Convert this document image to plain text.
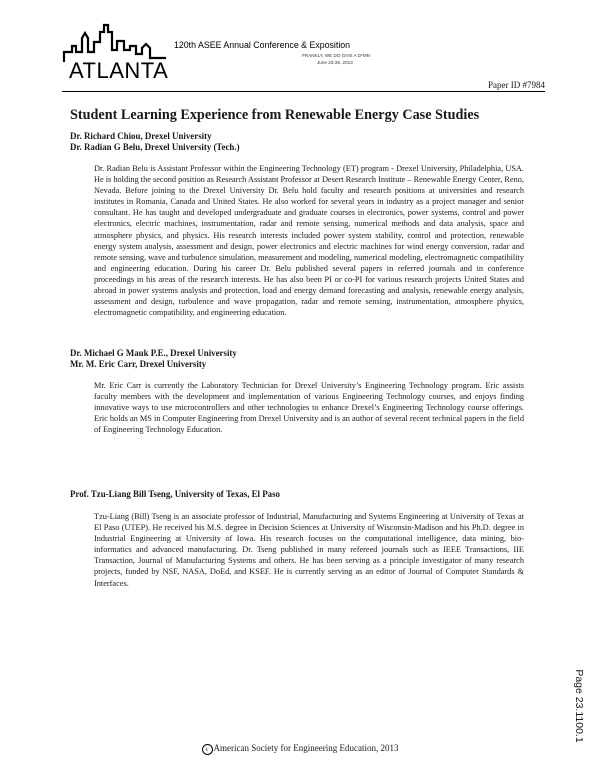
ATLANTA
120th ASEE Annual Conference & Exposition
FRANKLY, WE DO GIVE A D*MN
June 23-26, 2013
Paper ID #7984
Student Learning Experience from Renewable Energy Case Studies
Dr. Richard Chiou, Drexel University
Dr. Radian G Belu, Drexel University (Tech.)

Dr. Radian Belu is Assistant Professor within the Engineering Technology (ET) program - Drexel University, Philadelphia, USA. He is holding the second position as Research Assistant Professor at Desert Research Institute – Renewable Energy Center, Reno, Nevada. Before joining to the Drexel University Dr. Belu hold faculty and research positions at universities and research institutes in Romania, Canada and United States. He also worked for several years in industry as a project manager and senior consultant. He has taught and developed undergraduate and graduate courses in electronics, power systems, control and power electronics, electric machines, instrumentation, radar and remote sensing, numerical methods and data analysis, space and atmosphere physics, and physics. His research interests included power system stability, control and protection, renewable energy system analysis, assessment and design, power electronics and electric machines for wind energy conversion, radar and remote sensing, wave and turbulence simulation, measurement and modeling, numerical modeling, electromagnetic compatibility and engineering education. During his career Dr. Belu published several papers in referred journals and in conference proceedings in his areas of the research interests. He has also been PI or co-PI for various research projects United States and abroad in power systems analysis and protection, load and energy demand forecasting and analysis, renewable energy analysis, assessment and design, turbulence and wave propagation, radar and remote sensing, instrumentation, atmosphere physics, electromagnetic compatibility, and engineering education.

Dr. Michael G Mauk P.E., Drexel University
Mr. M. Eric Carr, Drexel University

Mr. Eric Carr is currently the Laboratory Technician for Drexel University’s Engineering Technology program. Eric assists faculty members with the development and implementation of various Engineering Technology courses, and enjoys finding innovative ways to use microcontrollers and other technologies to enhance Drexel’s Engineering Technology course offerings. Eric holds an MS in Computer Engineering from Drexel University and is an author of several recent technical papers in the field of Engineering Technology Education.

Prof. Tzu-Liang Bill Tseng, University of Texas, El Paso

Tzu-Liang (Bill) Tseng is an associate professor of Industrial, Manufacturing and Systems Engineering at University of Texas at El Paso (UTEP). He received his M.S. degree in Decision Sciences at University of Wisconsin-Madison and his Ph.D. degree in Industrial Engineering at University of Iowa. His research focuses on the computational intelligence, data mining, bio- informatics and advanced manufacturing. Dr. Tseng published in many refereed journals such as IEEE Transactions, IIE Transaction, Journal of Manufacturing Systems and others. He has been serving as a principle investigator of many research projects, funded by NSF, NASA, DoEd, and KSEF. He is currently serving as an editor of Journal of Computer Standards & Interfaces.

c American Society for Engineering Education, 2013
Page 23.1100.1
